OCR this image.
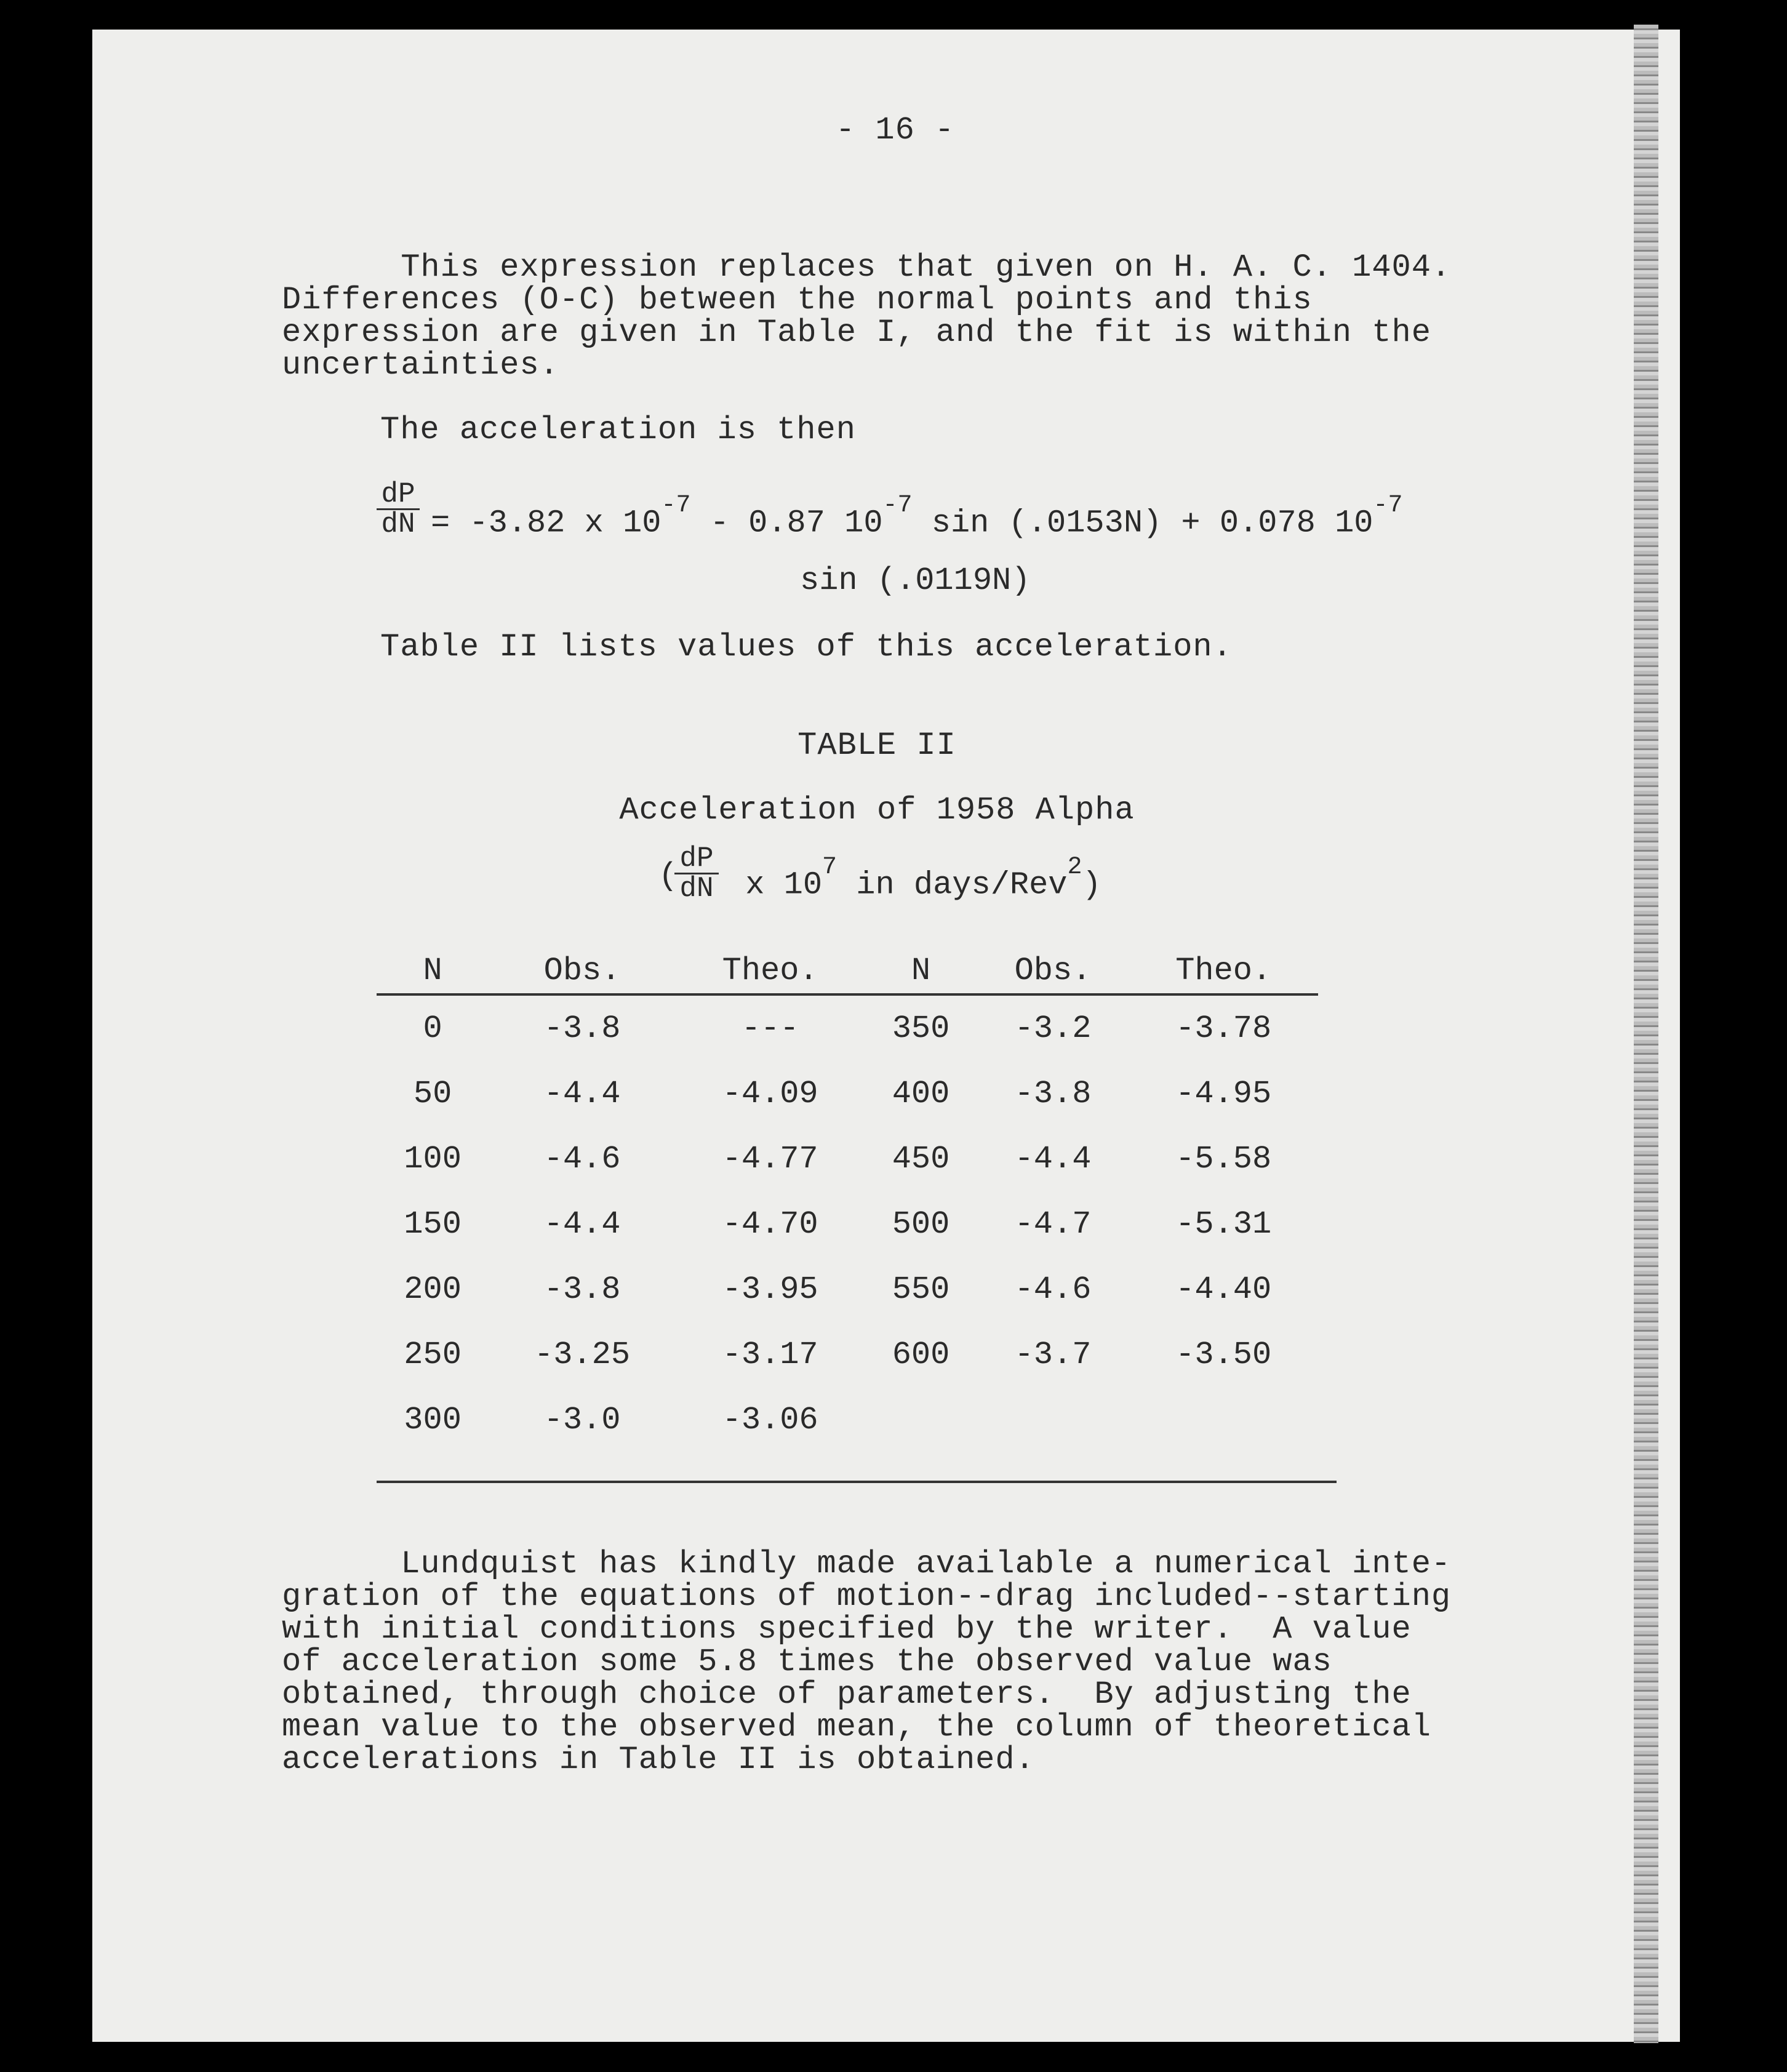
- 16 -
This expression replaces that given on H. A. C. 1404.
Differences (O-C) between the normal points and this
expression are given in Table I, and the fit is within the
uncertainties.
The acceleration is then
$\frac{dP}{dN} = -3.82$ x $10^{-7} - 0.87$ $10^{-7}$ sin (.0153N) + 0.078 $10^{-7}$
sin (.0119N)
Table II lists values of this acceleration.
TABLE II
Acceleration of 1958 Alpha
(
$\frac{dP}{dN}$ x $10^7$ in days/Rev$^2$)
N	Obs.	Theo.	N	Obs.	Theo.
0	-3.8	---	350	-3.2	-3.78
50	-4.4	-4.09	400	-3.8	-4.95
100	-4.6	-4.77	450	-4.4	-5.58
150	-4.4	-4.70	500	-4.7	-5.31
200	-3.8	-3.95	550	-4.6	-4.40
250	-3.25	-3.17	600	-3.7	-3.50
300	-3.0	-3.06			
Lundquist has kindly made available a numerical inte-
gration of the equations of motion--drag included--starting
with initial conditions specified by the writer.  A value
of acceleration some 5.8 times the observed value was
obtained, through choice of parameters.  By adjusting the
mean value to the observed mean, the column of theoretical
accelerations in Table II is obtained.
